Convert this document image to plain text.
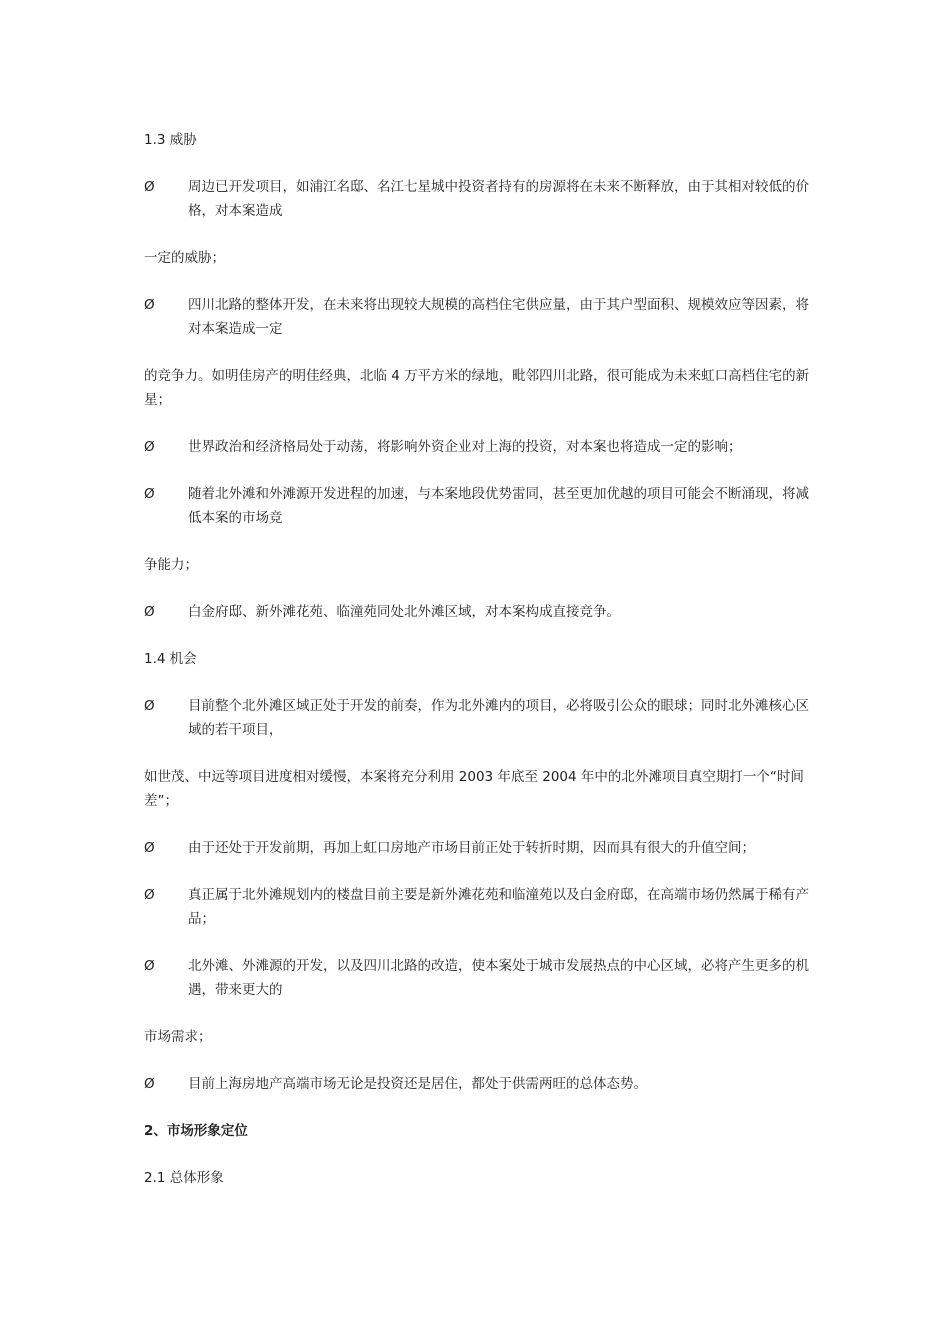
1.3 威胁

Ø	周边已开发项目，如浦江名邸、名江七星城中投资者持有的房源将在未来不断释放，由于其相对较低的价格，对本案造成

一定的威胁；

Ø	四川北路的整体开发，在未来将出现较大规模的高档住宅供应量，由于其户型面积、规模效应等因素，将对本案造成一定

的竞争力。如明佳房产的明佳经典，北临 4 万平方米的绿地，毗邻四川北路，很可能成为未来虹口高档住宅的新星；

Ø	世界政治和经济格局处于动荡，将影响外资企业对上海的投资，对本案也将造成一定的影响；
Ø	随着北外滩和外滩源开发进程的加速，与本案地段优势雷同，甚至更加优越的项目可能会不断涌现，将减低本案的市场竞

争能力；

Ø	白金府邸、新外滩花苑、临潼苑同处北外滩区域，对本案构成直接竞争。

1.4 机会

Ø	目前整个北外滩区域正处于开发的前奏，作为北外滩内的项目，必将吸引公众的眼球；同时北外滩核心区域的若干项目，

如世茂、中远等项目进度相对缓慢，本案将充分利用 2003 年底至 2004 年中的北外滩项目真空期打一个“时间差”；

Ø	由于还处于开发前期，再加上虹口房地产市场目前正处于转折时期，因而具有很大的升值空间；
Ø	真正属于北外滩规划内的楼盘目前主要是新外滩花苑和临潼苑以及白金府邸，在高端市场仍然属于稀有产品；
Ø	北外滩、外滩源的开发，以及四川北路的改造，使本案处于城市发展热点的中心区域，必将产生更多的机遇，带来更大的

市场需求；

Ø	目前上海房地产高端市场无论是投资还是居住，都处于供需两旺的总体态势。

2、市场形象定位

2.1 总体形象
